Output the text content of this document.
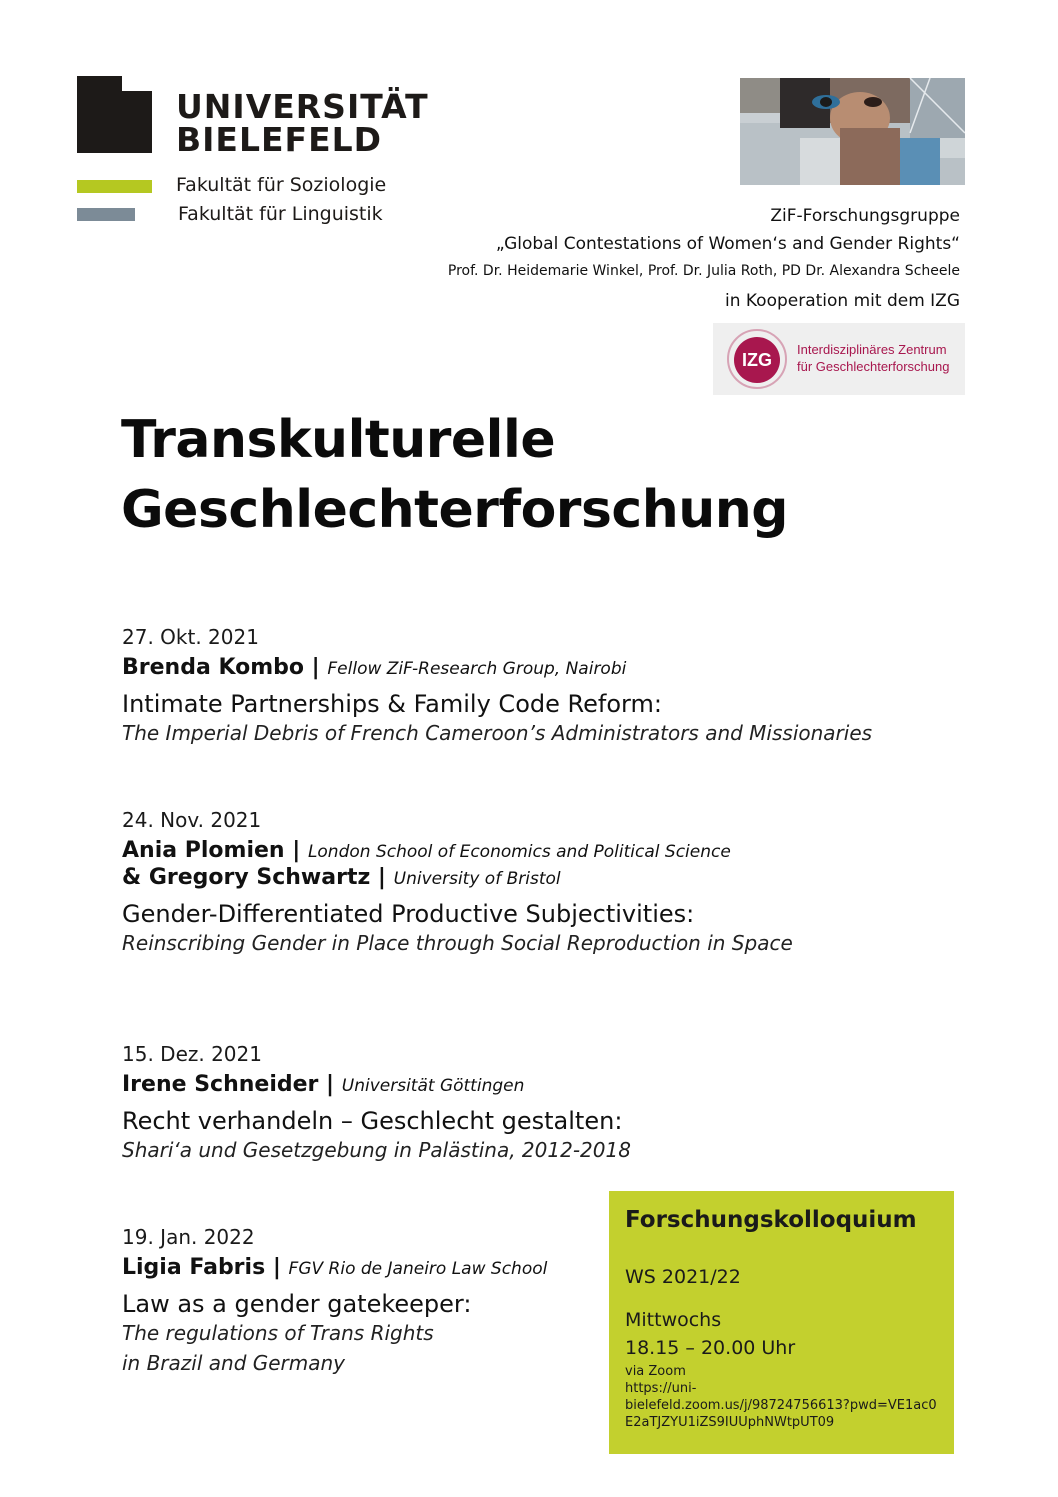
UNIVERSITÄT
BIELEFELD
Fakultät für Soziologie
Fakultät für Linguistik	ZiF-Forschungsgruppe
„Global Contestations of Women‘s and Gender Rights“
Prof. Dr. Heidemarie Winkel, Prof. Dr. Julia Roth, PD Dr. Alexandra Scheele
in Kooperation mit dem IZG
IZG
Interdisziplinäres Zentrum
für Geschlechterforschung
Transkulturelle
Geschlechterforschung
27. Okt. 2021
Brenda Kombo | Fellow ZiF-Research Group, Nairobi
Intimate Partnerships & Family Code Reform:
The Imperial Debris of French Cameroon’s Administrators and Missionaries
24. Nov. 2021
Ania Plomien | London School of Economics and Political Science
& Gregory Schwartz | University of Bristol
Gender-Differentiated Productive Subjectivities:
Reinscribing Gender in Place through Social Reproduction in Space
15. Dez. 2021
Irene Schneider | Universität Göttingen
Recht verhandeln – Geschlecht gestalten:
Shari‘a und Gesetzgebung in Palästina, 2012-2018
19. Jan. 2022
Ligia Fabris | FGV Rio de Janeiro Law School
Law as a gender gatekeeper:
The regulations of Trans Rights
in Brazil and Germany
Forschungskolloquium
WS 2021/22
Mittwochs
18.15 – 20.00 Uhr
via Zoom
https://uni-
bielefeld.zoom.us/j/98724756613?pwd=VE1ac0
E2aTJZYU1iZS9IUUphNWtpUT09
